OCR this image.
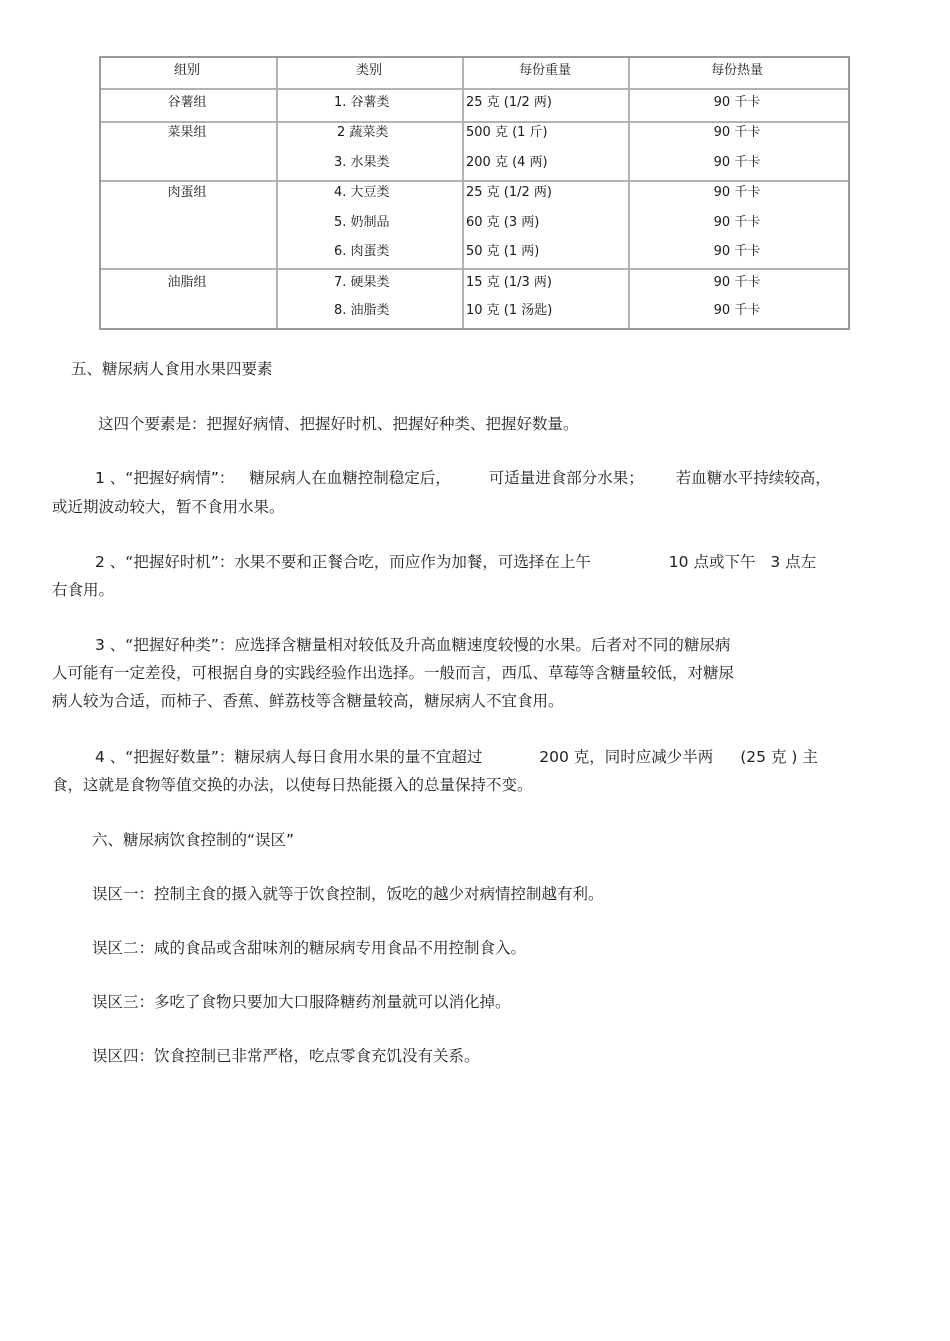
组别	类别	每份重量	每份热量
谷薯组	1. 谷薯类	25 克 (1/2 两)	90 千卡
菜果组	2 蔬菜类	500 克 (1 斤)	90 千卡
3. 水果类	200 克 (4 两)	90 千卡
肉蛋组	4. 大豆类	25 克 (1/2 两)	90 千卡
5. 奶制品	60 克 (3 两)	90 千卡
6. 肉蛋类	50 克 (1 两)	90 千卡
油脂组	7. 硬果类	15 克 (1/3 两)	90 千卡
8. 油脂类	10 克 (1 汤匙)	90 千卡
五、糖尿病人食用水果四要素
这四个要素是：把握好病情、把握好时机、把握好种类、把握好数量。
1 、“把握好病情”： 糖尿病人在血糖控制稳定后， 可适量进食部分水果； 若血糖水平持续较高，
或近期波动较大，暂不食用水果。
2 、“把握好时机”：水果不要和正餐合吃，而应作为加餐，可选择在上午	10 点或下午 3 点左
右食用。
3 、“把握好种类”：应选择含糖量相对较低及升高血糖速度较慢的水果。后者对不同的糖尿病
人可能有一定差役，可根据自身的实践经验作出选择。一般而言，西瓜、草莓等含糖量较低，对糖尿
病人较为合适，而柿子、香蕉、鲜荔枝等含糖量较高，糖尿病人不宜食用。
4 、“把握好数量”：糖尿病人每日食用水果的量不宜超过	200 克，同时应减少半两 (25 克 ) 主
食，这就是食物等值交换的办法，以使每日热能摄入的总量保持不变。
六、糖尿病饮食控制的“误区”
误区一：控制主食的摄入就等于饮食控制，饭吃的越少对病情控制越有利。
误区二：咸的食品或含甜味剂的糖尿病专用食品不用控制食入。
误区三：多吃了食物只要加大口服降糖药剂量就可以消化掉。
误区四：饮食控制已非常严格，吃点零食充饥没有关系。
